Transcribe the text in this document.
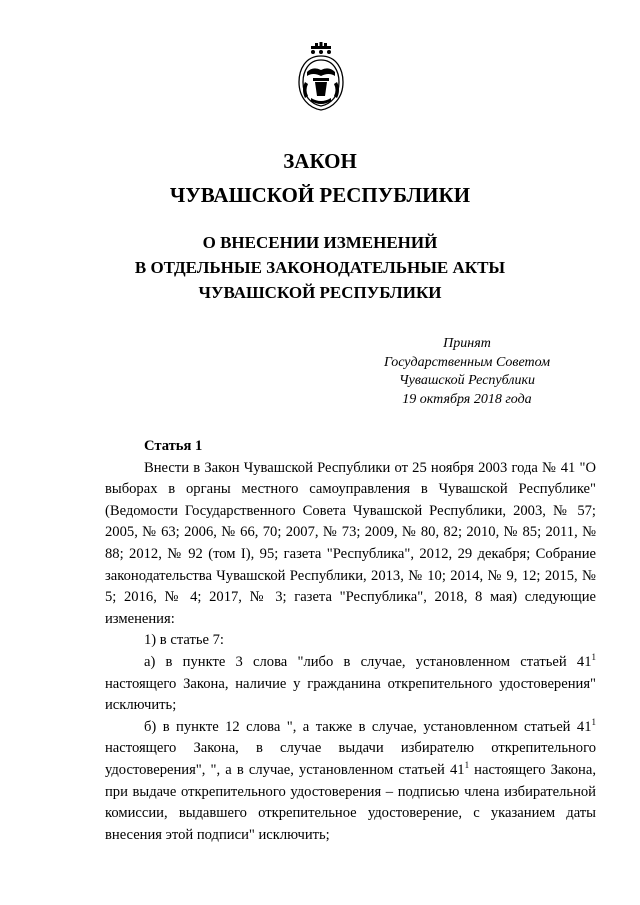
ЗАКОН
ЧУВАШСКОЙ РЕСПУБЛИКИ
О ВНЕСЕНИИ ИЗМЕНЕНИЙ
В ОТДЕЛЬНЫЕ ЗАКОНОДАТЕЛЬНЫЕ АКТЫ
ЧУВАШСКОЙ РЕСПУБЛИКИ
Принят
Государственным Советом
Чувашской Республики
19 октября 2018 года

Статья 1

Внести в Закон Чувашской Республики от 25 ноября 2003 года № 41 "О выборах в органы местного самоуправления в Чувашской Республике" (Ведомости Государственного Совета Чувашской Республики, 2003, № 57; 2005, № 63; 2006, № 66, 70; 2007, № 73; 2009, № 80, 82; 2010, № 85; 2011, № 88; 2012, № 92 (том I), 95; газета "Республика", 2012, 29 декабря; Собрание законодательства Чувашской Республики, 2013, № 10; 2014, № 9, 12; 2015, № 5; 2016, № 4; 2017, № 3; газета "Республика", 2018, 8 мая) следующие изменения:

1) в статье 7:

а) в пункте 3 слова "либо в случае, установленном статьей $41^1$ настоящего Закона, наличие у гражданина открепительного удостоверения" исключить;

б) в пункте 12 слова ", а также в случае, установленном статьей $41^1$ настоящего Закона, в случае выдачи избирателю открепительного удостоверения", ", а в случае, установленном статьей $41^1$ настоящего Закона, при выдаче открепительного удостоверения – подписью члена избирательной комиссии, выдавшего открепительное удостоверение, с указанием даты внесения этой подписи" исключить;
